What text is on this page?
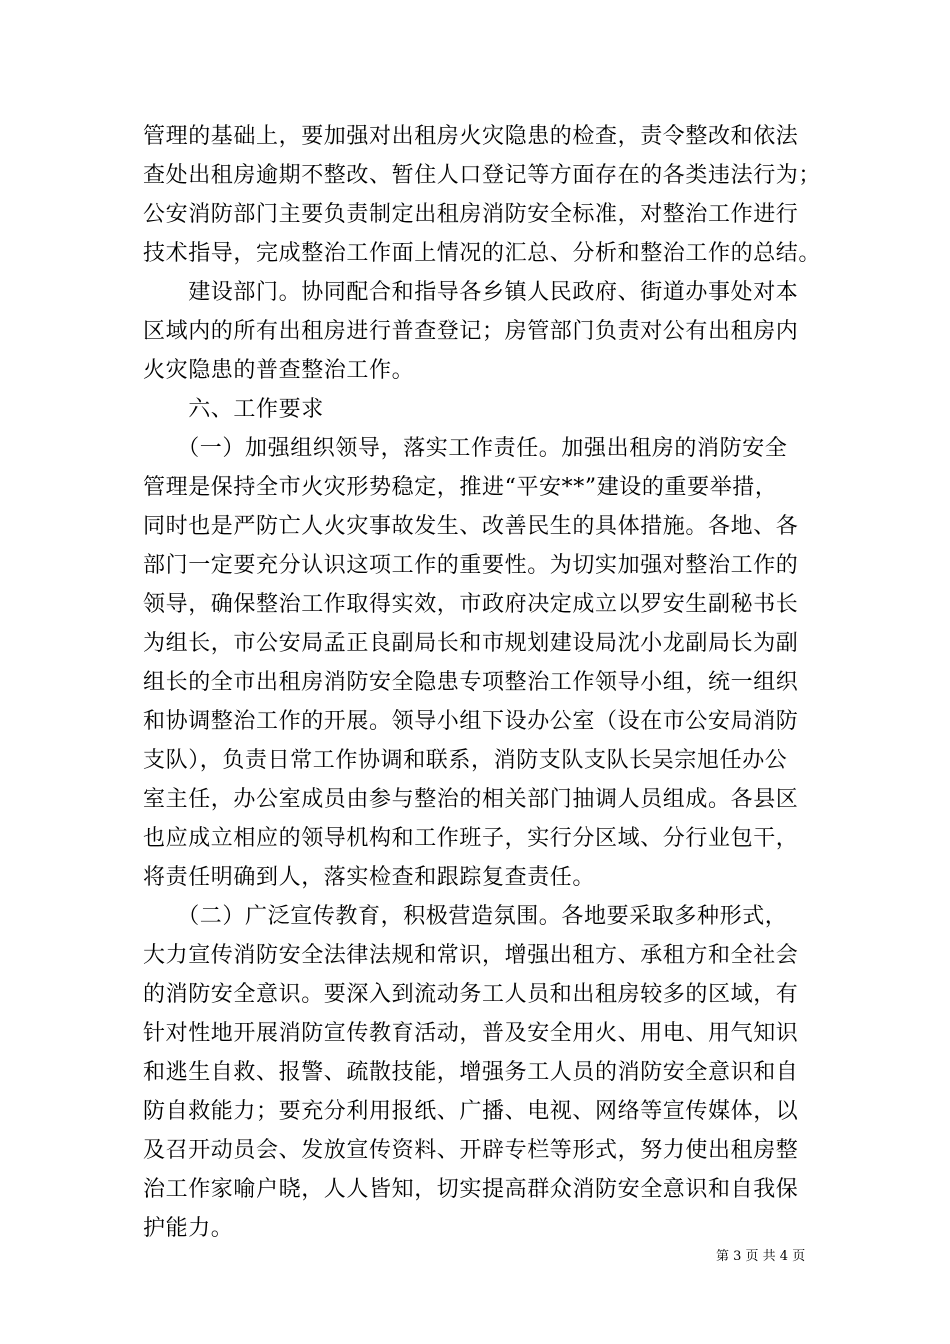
管理的基础上，要加强对出租房火灾隐患的检查，责令整改和依法
查处出租房逾期不整改、暂住人口登记等方面存在的各类违法行为；
公安消防部门主要负责制定出租房消防安全标准，对整治工作进行
技术指导，完成整治工作面上情况的汇总、分析和整治工作的总结。
　　建设部门。协同配合和指导各乡镇人民政府、街道办事处对本
区域内的所有出租房进行普查登记；房管部门负责对公有出租房内
火灾隐患的普查整治工作。
　　六、工作要求
　　（一）加强组织领导，落实工作责任。加强出租房的消防安全
管理是保持全市火灾形势稳定，推进“平安**”建设的重要举措，
同时也是严防亡人火灾事故发生、改善民生的具体措施。各地、各
部门一定要充分认识这项工作的重要性。为切实加强对整治工作的
领导，确保整治工作取得实效，市政府决定成立以罗安生副秘书长
为组长，市公安局孟正良副局长和市规划建设局沈小龙副局长为副
组长的全市出租房消防安全隐患专项整治工作领导小组，统一组织
和协调整治工作的开展。领导小组下设办公室（设在市公安局消防
支队），负责日常工作协调和联系，消防支队支队长吴宗旭任办公
室主任，办公室成员由参与整治的相关部门抽调人员组成。各县区
也应成立相应的领导机构和工作班子，实行分区域、分行业包干，
将责任明确到人，落实检查和跟踪复查责任。
　　（二）广泛宣传教育，积极营造氛围。各地要采取多种形式，
大力宣传消防安全法律法规和常识，增强出租方、承租方和全社会
的消防安全意识。要深入到流动务工人员和出租房较多的区域，有
针对性地开展消防宣传教育活动，普及安全用火、用电、用气知识
和逃生自救、报警、疏散技能，增强务工人员的消防安全意识和自
防自救能力；要充分利用报纸、广播、电视、网络等宣传媒体，以
及召开动员会、发放宣传资料、开辟专栏等形式，努力使出租房整
治工作家喻户晓，人人皆知，切实提高群众消防安全意识和自我保
护能力。
第 3 页 共 4 页
